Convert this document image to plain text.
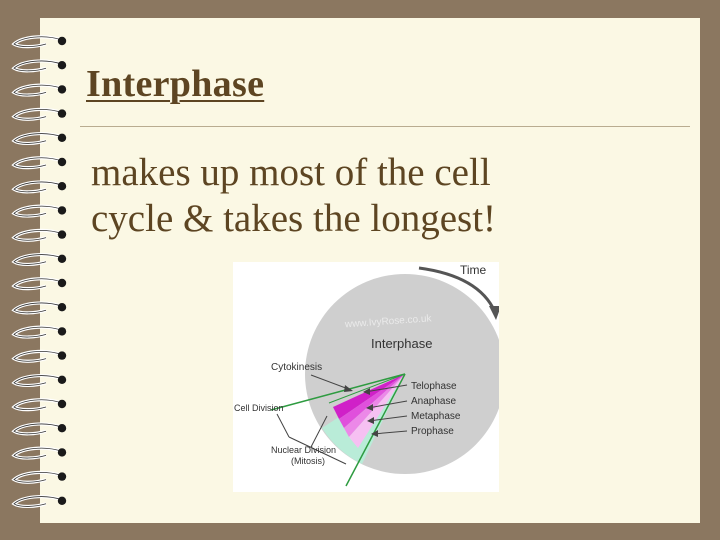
Interphase
makes up most of the cell
cycle & takes the longest!
www.IvyRose.co.uk
Time
Interphase
Cytokinesis
Telophase
Anaphase
Metaphase
Prophase
Cell Division
Nuclear Division
(Mitosis)
